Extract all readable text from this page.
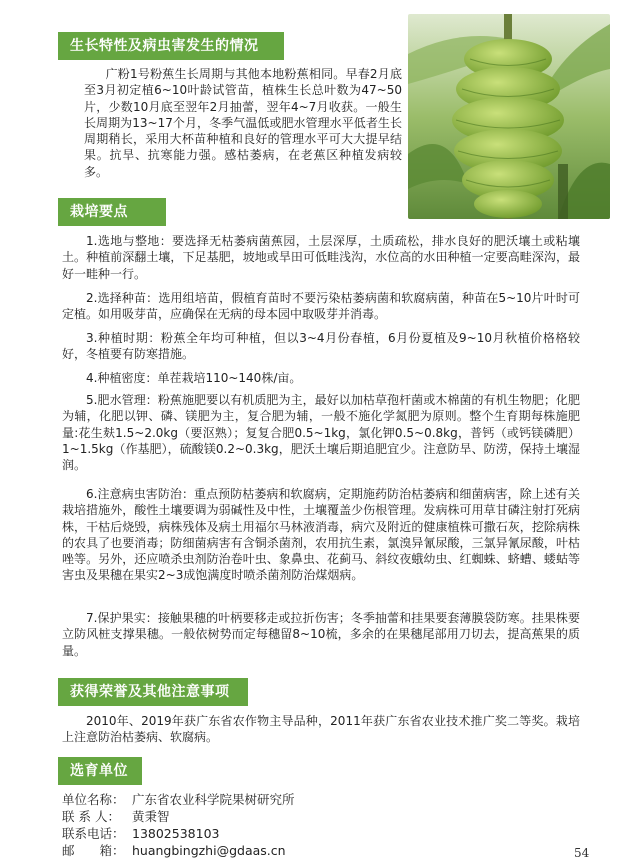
生长特性及病虫害发生的情况

广粉1号粉蕉生长周期与其他本地粉蕉相同。早春2月底至3月初定植6~10叶龄试管苗，植株生长总叶数为47~50片，少数10月底至翌年2月抽蕾，翌年4~7月收获。一般生长周期为13~17个月，冬季气温低或肥水管理水平低者生长周期稍长，采用大杯苗种植和良好的管理水平可大大提早结果。抗旱、抗寒能力强。感枯萎病，在老蕉区种植发病较多。

栽培要点

1.选地与整地：要选择无枯萎病菌蕉园，土层深厚，土质疏松，排水良好的肥沃壤土或粘壤土。种植前深翻土壤，下足基肥，坡地或旱田可低畦浅沟，水位高的水田种植一定要高畦深沟，最好一畦种一行。

2.选择种苗：选用组培苗，假植育苗时不要污染枯萎病菌和软腐病菌，种苗在5~10片叶时可定植。如用吸芽苗，应确保在无病的母本园中取吸芽并消毒。

3.种植时期：粉蕉全年均可种植，但以3~4月份春植，6月份夏植及9~10月秋植价格格较好，冬植要有防寒措施。

4.种植密度：单茬栽培110~140株/亩。

5.肥水管理：粉蕉施肥要以有机质肥为主，最好以加枯草孢杆菌或木棉菌的有机生物肥；化肥为辅，化肥以钾、磷、镁肥为主，复合肥为辅，一般不施化学氮肥为原则。整个生育期每株施肥量:花生麸1.5~2.0kg（要沤熟）；复复合肥0.5~1kg，氯化钾0.5~0.8kg，普钙（或钙镁磷肥）1~1.5kg（作基肥），硫酸镁0.2~0.3kg，肥沃土壤后期追肥宜少。注意防旱、防涝，保持土壤湿润。

6.注意病虫害防治：重点预防枯萎病和软腐病，定期施药防治枯萎病和细菌病害，除上述有关栽培措施外，酸性土壤要调为弱碱性及中性，土壤覆盖少伤根管理。发病株可用草甘磷注射打死病株，干枯后烧毁，病株残体及病土用福尔马林液消毒，病穴及附近的健康植株可撒石灰，挖除病株的农具了也要消毒；防细菌病害有含铜杀菌剂，农用抗生素，氯溴异氰尿酸，三氯异氰尿酸，叶枯唑等。另外，还应喷杀虫剂防治卷叶虫、象鼻虫、花蓟马、斜纹夜蛾幼虫、红蜘蛛、蛴螬、蝼蛄等害虫及果穗在果实2~3成饱满度时喷杀菌剂防治煤烟病。

7.保护果实：接触果穗的叶柄要移走或拉折伤害；冬季抽蕾和挂果要套薄膜袋防寒。挂果株要立防风桩支撑果穗。一般依树势而定每穗留8~10梳，多余的在果穗尾部用刀切去，提高蕉果的质量。

获得荣誉及其他注意事项

2010年、2019年获广东省农作物主导品种，2011年获广东省农业技术推广奖二等奖。栽培上注意防治枯萎病、软腐病。

选育单位
单位名称： 广东省农业科学院果树研究所
联 系 人： 黄秉智
联系电话： 13802538103
邮　　箱： huangbingzhi@gdaas.cn	54
